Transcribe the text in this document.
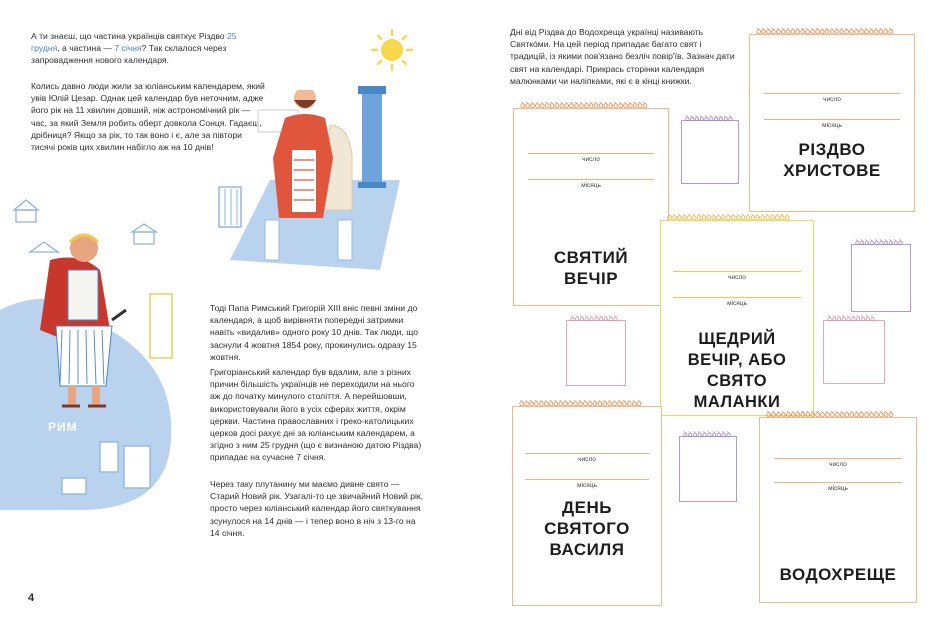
А ти знаєш, що частина українців святкує Різдво 25 грудня, а частина — 7 січня? Так склалося через запровадження нового календаря.

Колись давно люди жили за юліанським календарем, який увів Юлій Цезар. Однак цей календар був неточним, адже його рік на 11 хвилин довший, ніж астрономічний рік — час, за який Земля робить оберт довкола Сонця. Гадаєш, дрібниця? Якщо за рік, то так воно і є, але за півтори тисячі років цих хвилин набігло аж на 10 днів!

РИМ

Тоді Папа Римський Григорій XIII вніс певні зміни до календаря, а щоб вирівняти попередні затримки навіть «видалив» одного року 10 днів. Так люди, що заснули 4 жовтня 1854 року, прокинулись одразу 15 жовтня.

Григоріанський календар був вдалим, але з різних причин більшість українців не переходили на нього аж до початку минулого століття. А перейшовши, використовували його в усіх сферах життя, окрім церкви. Частина православних і греко-католицьких церков досі рахує дні за юліанським календарем, а згідно з ним 25 грудня (що є визнаною датою Різдва) припадає на сучасне 7 січня.

Через таку плутанину ми маємо дивне свято — Старий Новий рік. Узагалі-то це звичайний Новий рік, просто через юліанський календар його святкування зсунулося на 14 днів — і тепер воно в ніч з 13-го на 14 січня.

4

Дні від Різдва до Водохреща українці називають Святкóми. На цей період припадає багато свят і традицій, із якими пов'язано безліч повір'їв. Зазнач дати свят на календарі. Прикрась сторінки календаря малюнками чи наліпками, які є в кінці книжки.

ꝺꝺꝺꝺꝺꝺꝺꝺꝺꝺꝺꝺꝺꝺꝺꝺꝺꝺꝺꝺꝺꝺꝺꝺꝺꝺꝺꝺ
число
місяць
РІЗДВО ХРИСТОВЕ
ꝺꝺꝺꝺꝺꝺꝺꝺꝺꝺꝺꝺꝺꝺꝺꝺꝺꝺꝺꝺꝺꝺꝺꝺꝺꝺ
число
місяць
СВЯТИЙ ВЕЧІР
ꝺꝺꝺꝺꝺꝺꝺꝺꝺꝺꝺꝺꝺꝺꝺꝺꝺꝺꝺꝺꝺꝺꝺꝺꝺ
число
місяць
ЩЕДРИЙ ВЕЧІР, АБО СВЯТО МАЛАНКИ
ꝺꝺꝺꝺꝺꝺꝺꝺꝺꝺꝺꝺꝺꝺꝺꝺꝺꝺꝺꝺꝺꝺꝺꝺꝺ
число
місяць
ДЕНЬ СВЯТОГО ВАСИЛЯ
ꝺꝺꝺꝺꝺꝺꝺꝺꝺꝺꝺꝺꝺꝺꝺꝺꝺꝺꝺꝺꝺꝺꝺꝺꝺꝺ
число
місяць
ВОДОХРЕЩЕ
ꝺꝺꝺꝺꝺꝺꝺꝺꝺꝺ
ꝺꝺꝺꝺꝺꝺꝺꝺꝺꝺ
ꝺꝺꝺꝺꝺꝺꝺꝺꝺꝺ	ꝺꝺꝺꝺꝺꝺꝺꝺꝺꝺ
ꝺꝺꝺꝺꝺꝺꝺꝺꝺꝺ
